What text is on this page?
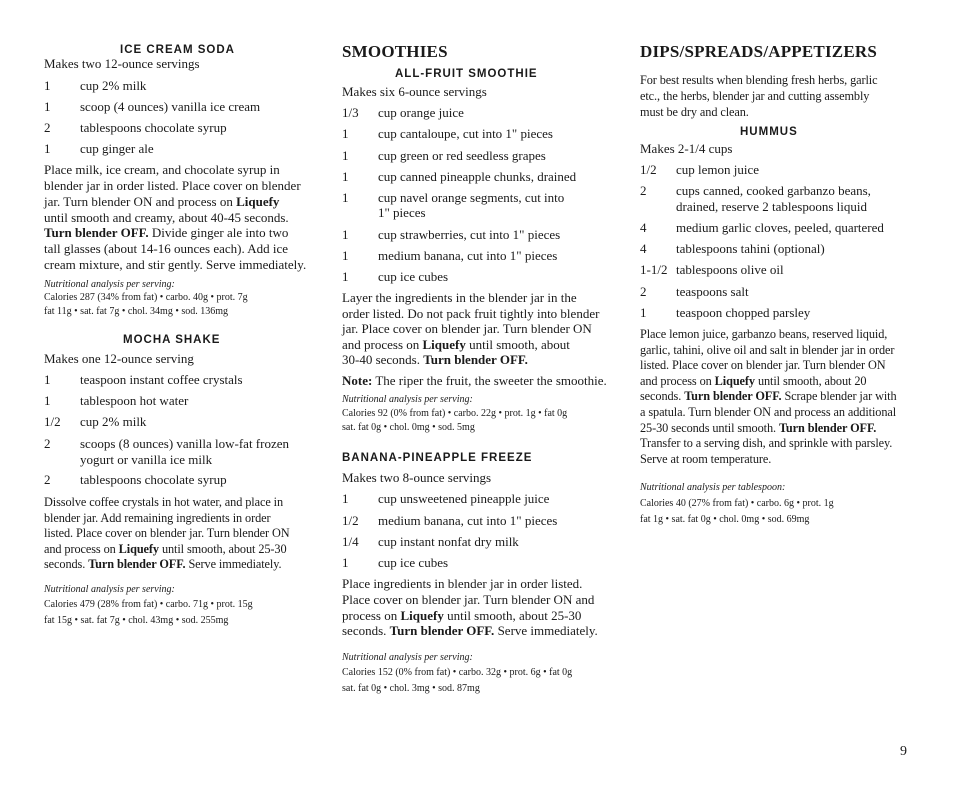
ICE CREAM SODA
Makes two 12-ounce servings
1 cup 2% milk
1 scoop (4 ounces) vanilla ice cream
2 tablespoons chocolate syrup
1 cup ginger ale
Place milk, ice cream, and chocolate syrup in
blender jar in order listed. Place cover on blender
jar. Turn blender ON and process on Liquefy
until smooth and creamy, about 40-45 seconds.
Turn blender OFF. Divide ginger ale into two
tall glasses (about 14-16 ounces each). Add ice
cream mixture, and stir gently. Serve immediately.
Nutritional analysis per serving:
Calories 287 (34% from fat) • carbo. 40g • prot. 7g
fat 11g • sat. fat 7g • chol. 34mg • sod. 136mg
MOCHA SHAKE
Makes one 12-ounce serving
1 teaspoon instant coffee crystals
1 tablespoon hot water
1/2 cup 2% milk
2 scoops (8 ounces) vanilla low-fat frozen
yogurt or vanilla ice milk
2 tablespoons chocolate syrup
Dissolve coffee crystals in hot water, and place in
blender jar. Add remaining ingredients in order
listed. Place cover on blender jar. Turn blender ON
and process on Liquefy until smooth, about 25-30
seconds. Turn blender OFF. Serve immediately.
Nutritional analysis per serving:
Calories 479 (28% from fat) • carbo. 71g • prot. 15g
fat 15g • sat. fat 7g • chol. 43mg • sod. 255mg
SMOOTHIES
ALL-FRUIT SMOOTHIE
Makes six 6-ounce servings
1/3 cup orange juice
1 cup cantaloupe, cut into 1" pieces
1 cup green or red seedless grapes
1 cup canned pineapple chunks, drained
1 cup navel orange segments, cut into
1" pieces
1 cup strawberries, cut into 1" pieces
1 medium banana, cut into 1" pieces
1 cup ice cubes
Layer the ingredients in the blender jar in the
order listed. Do not pack fruit tightly into blender
jar. Place cover on blender jar. Turn blender ON
and process on Liquefy until smooth, about
30-40 seconds. Turn blender OFF.
Note: The riper the fruit, the sweeter the smoothie.
Nutritional analysis per serving:
Calories 92 (0% from fat) • carbo. 22g • prot. 1g • fat 0g
sat. fat 0g • chol. 0mg • sod. 5mg
BANANA-PINEAPPLE FREEZE
Makes two 8-ounce servings
1 cup unsweetened pineapple juice
1/2 medium banana, cut into 1" pieces
1/4 cup instant nonfat dry milk
1 cup ice cubes
Place ingredients in blender jar in order listed.
Place cover on blender jar. Turn blender ON and
process on Liquefy until smooth, about 25-30
seconds. Turn blender OFF. Serve immediately.
Nutritional analysis per serving:
Calories 152 (0% from fat) • carbo. 32g • prot. 6g • fat 0g
sat. fat 0g • chol. 3mg • sod. 87mg
DIPS/SPREADS/APPETIZERS
For best results when blending fresh herbs, garlic
etc., the herbs, blender jar and cutting assembly
must be dry and clean.
HUMMUS
Makes 2-1/4 cups
1/2 cup lemon juice
2 cups canned, cooked garbanzo beans,
drained, reserve 2 tablespoons liquid
4 medium garlic cloves, peeled, quartered
4 tablespoons tahini (optional)
1-1/2 tablespoons olive oil
2 teaspoons salt
1 teaspoon chopped parsley
Place lemon juice, garbanzo beans, reserved liquid,
garlic, tahini, olive oil and salt in blender jar in order
listed. Place cover on blender jar. Turn blender ON
and process on Liquefy until smooth, about 20
seconds. Turn blender OFF. Scrape blender jar with
a spatula. Turn blender ON and process an additional
25-30 seconds until smooth. Turn blender OFF.
Transfer to a serving dish, and sprinkle with parsley.
Serve at room temperature.
Nutritional analysis per tablespoon:
Calories 40 (27% from fat) • carbo. 6g • prot. 1g
fat 1g • sat. fat 0g • chol. 0mg • sod. 69mg
9
